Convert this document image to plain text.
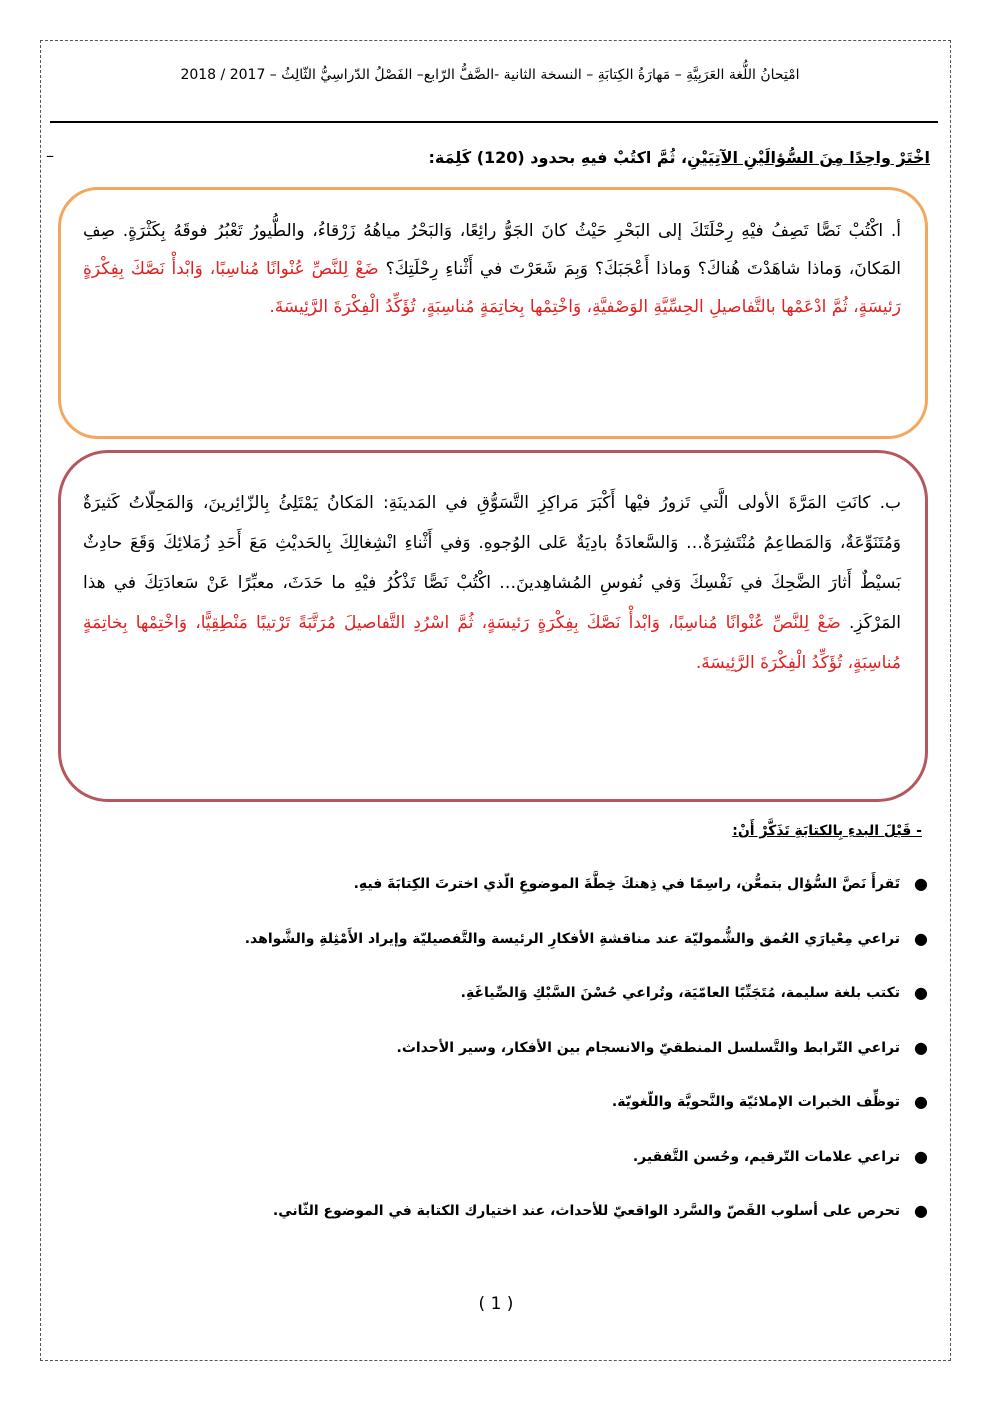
امْتِحانُ اللُّغة العَرَبِيَّةِ – مَهارَةُ الكِتابَةِ – النسخة الثانية -الصَّفُّ الرّابع– الفَصْلُ الدّراسِيُّ الثّالِثُ – 2017 / 2018
اخْتَرْ واحِدًا مِنَ السُّؤالَيْنِ الآتِيَيْنِ، ثُمَّ اكتُبْ فيهِ بحدود (120) كَلِمَة:
–
أ. اكْتُبْ نَصًّا تَصِفُ فيْهِ رِحْلَتَكَ إلى البَحْرِ حَيْثُ كانَ الجَوُّ رائِعًا، وَالبَحْرُ مياهُهُ زَرْقاءُ، والطُّيورُ تَعْبُرُ فوقَهُ بِكَثْرَةٍ. صِفِ المَكانَ، وَماذا شاهَدْتَ هُناكَ؟ وَماذا أَعْجَبَكَ؟ وَبِمَ شَعَرْتَ في أَثْناءِ رِحْلَتِكَ؟ ضَعْ لِلنَّصِّ عُنْوانًا مُناسِبًا، وَابْدأْ نَصَّكَ بِفِكْرَةٍ رَئيسَةٍ، ثُمَّ ادْعَمْها بالتَّفاصيلِ الحِسِّيَّةِ الوَصْفيَّةِ، وَاخْتِمْها بِخاتِمَةٍ مُناسِبَةٍ، تُؤَكِّدُ الْفِكْرَةَ الرَّئِيسَةَ.
ب. كانَتِ المَرَّةَ الأولى الَّتي تَزورُ فيْها أَكْبَرَ مَراكِزِ التَّسَوُّقِ في المَدينَةِ: المَكانُ يَمْتَلِئُ بِالزّائِرينَ، وَالمَحِلّاتُ كَثيرَةٌ وَمُتَنَوِّعَةٌ، وَالمَطاعِمُ مُنْتَشِرَةٌ… وَالسَّعادَةُ بادِيَةٌ عَلى الوُجوهِ. وَفي أَثْناءِ انْشِغالِكَ بِالحَديْثِ مَعَ أَحَدِ زُمَلائِكَ وَقَعَ حادِثٌ بَسيْطٌ أَثارَ الضَّحِكَ في نَفْسِكَ وَفي نُفوسِ المُشاهِدينَ… اكْتُبْ نَصًّا تَذْكُرُ فيْهِ ما حَدَثَ، معبِّرًا عَنْ سَعادَتِكَ في هذا المَرْكَزِ. ضَعْ لِلنَّصِّ عُنْوانًا مُناسِبًا، وَابْدأْ نَصَّكَ بِفِكْرَةٍ رَئيسَةٍ، ثُمَّ اسْرُدِ التَّفاصيلَ مُرَتَّبَةً تَرْتيبًا مَنْطِقِيًّا، وَاخْتِمْها بِخاتِمَةٍ مُناسِبَةٍ، تُؤَكِّدُ الْفِكْرَةَ الرَّئِيسَةَ.
- قَبْلَ البدءِ بِالكتابَةِ تَذَكَّرْ أَنْ:
●
تَقرأَ نَصَّ السُّؤال بتمعُّن، راسِمًا في ذِهنكَ خِطَّةَ الموضوعِ الّذي اخترتَ الكِتابَةَ فيهِ.
●
تراعي مِعْيارَي العُمق والشُّموليّة عند مناقشةِ الأفكارِ الرئيسة والتَّفصيليّة وإيراد الأَمْثِلةِ والشَّواهد.
●
تكتب بلغة سليمة، مُتَجَنِّبًا العامّيَة، وتُراعي حُسْنَ السَّبْكِ وَالصِّياغَةِ.
●
تراعي التّرابط والتَّسلسل المنطقيّ والانسجام بين الأفكار، وسير الأحداث.
●
توظِّف الخبرات الإملائيّة والنَّحويَّة واللّغويّة.
●
تراعي علامات التّرقيم، وحُسن التَّفقير.
●
تحرص على أسلوب القَصّ والسَّرد الواقعيّ للأحداث، عند اختيارك الكتابة في الموضوع الثّاني.
( 1 )
